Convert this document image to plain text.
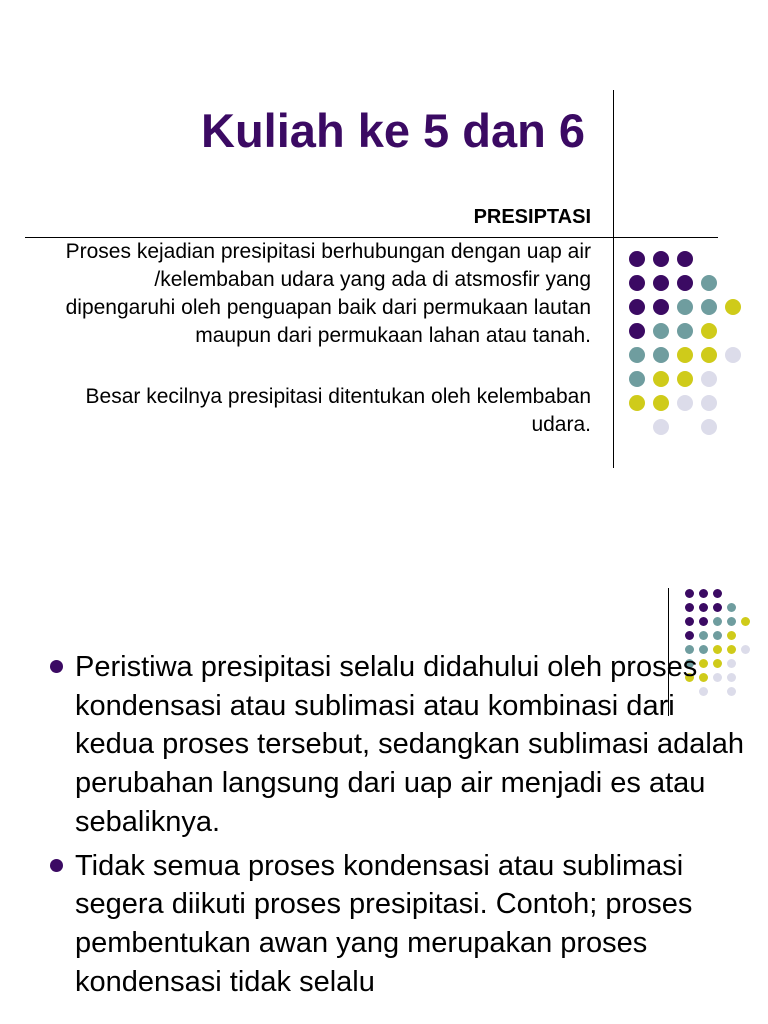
Kuliah ke 5 dan 6
PRESIPTASI

Proses kejadian presipitasi berhubungan dengan uap air /kelembaban udara yang ada di atsmosfir yang dipengaruhi oleh penguapan baik dari permukaan lautan maupun dari permukaan lahan atau tanah.

Besar kecilnya presipitasi ditentukan oleh kelembaban udara.

Peristiwa presipitasi selalu didahului oleh proses kondensasi atau sublimasi atau kombinasi dari kedua proses tersebut, sedangkan sublimasi adalah perubahan langsung dari uap air menjadi es atau sebaliknya.
Tidak semua proses kondensasi atau sublimasi segera diikuti proses presipitasi. Contoh; proses pembentukan awan yang merupakan proses kondensasi tidak selalu
